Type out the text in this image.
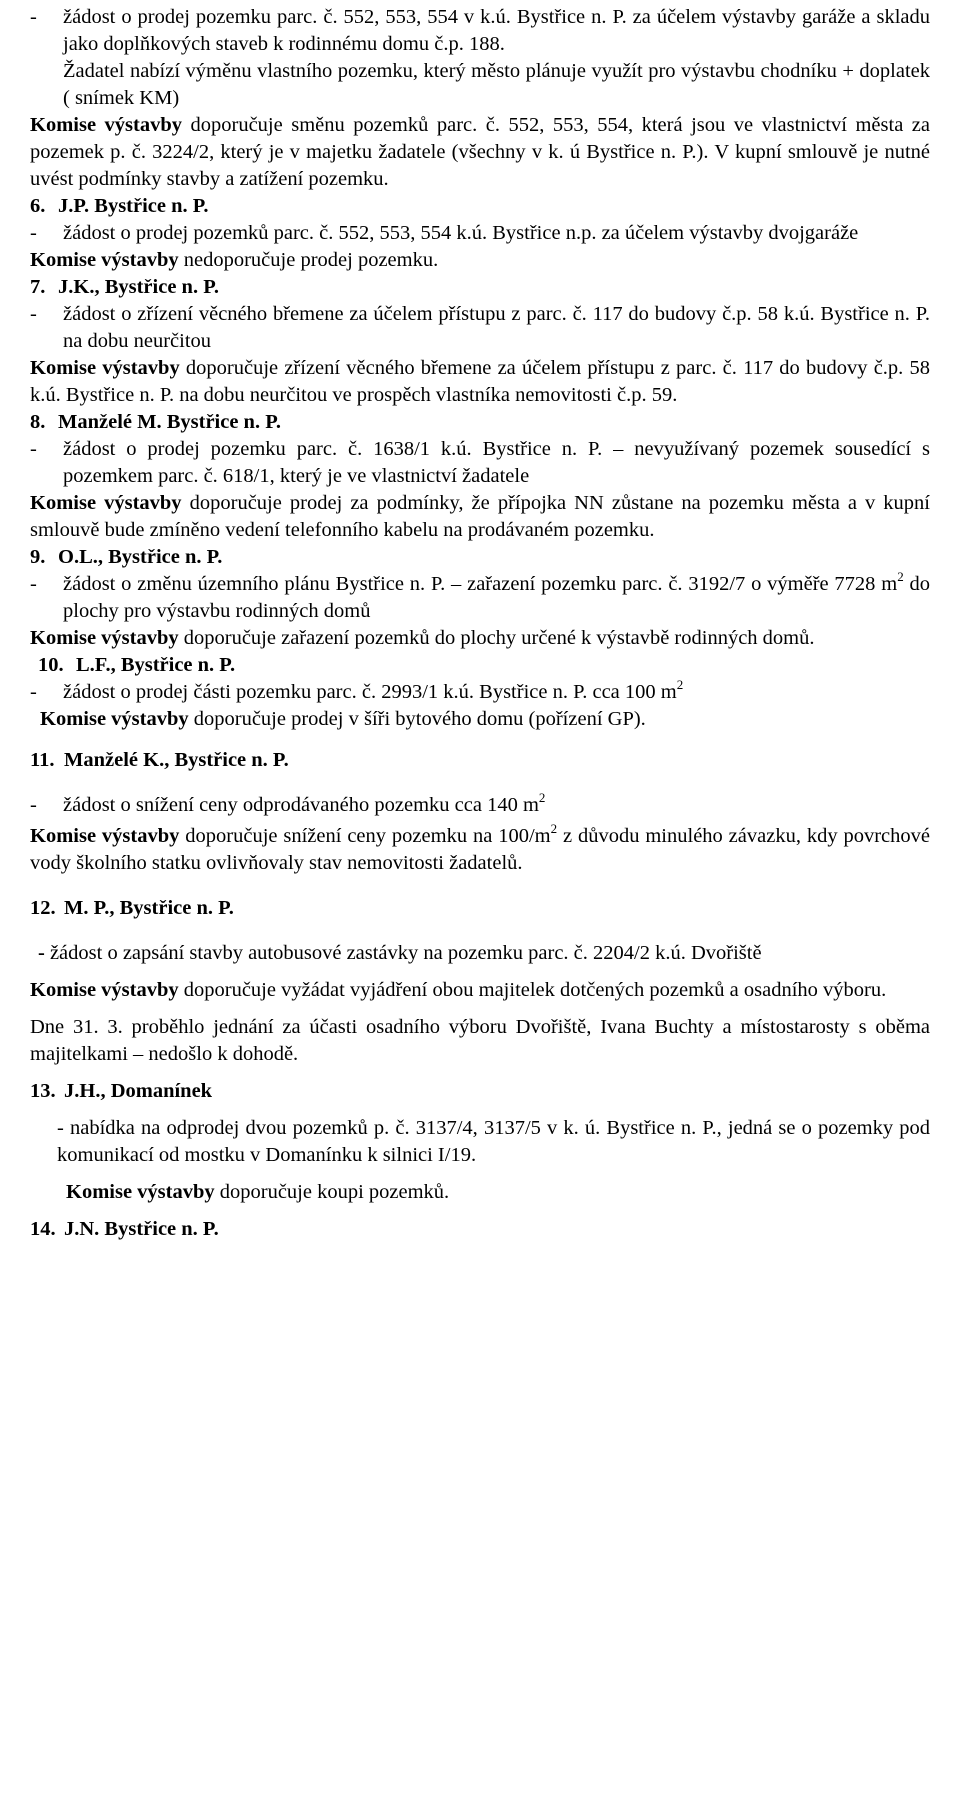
- žádost o prodej pozemku parc. č. 552, 553, 554 v k.ú. Bystřice n. P. za účelem výstavby garáže a skladu jako doplňkových staveb k rodinnému domu č.p. 188.
Žadatel nabízí výměnu vlastního pozemku, který město plánuje využít pro výstavbu chodníku + doplatek ( snímek KM)
Komise výstavby doporučuje směnu pozemků parc. č. 552, 553, 554, která jsou ve vlastnictví města za pozemek p. č. 3224/2, který je v majetku žadatele (všechny v k. ú Bystřice n. P.). V kupní smlouvě je nutné uvést podmínky stavby a zatížení pozemku.
6. J.P. Bystřice n. P.
- žádost o prodej pozemků parc. č. 552, 553, 554 k.ú. Bystřice n.p. za účelem výstavby dvojgaráže
Komise výstavby nedoporučuje prodej pozemku.
7. J.K., Bystřice n. P.
- žádost o zřízení věcného břemene za účelem přístupu z parc. č. 117 do budovy č.p. 58 k.ú. Bystřice n. P. na dobu neurčitou
Komise výstavby doporučuje zřízení věcného břemene za účelem přístupu z parc. č. 117 do budovy č.p. 58 k.ú. Bystřice n. P. na dobu neurčitou ve prospěch vlastníka nemovitosti č.p. 59.
8. Manželé M. Bystřice n. P.
- žádost o prodej pozemku parc. č. 1638/1 k.ú. Bystřice n. P. – nevyužívaný pozemek sousedící s pozemkem parc. č. 618/1, který je ve vlastnictví žadatele
Komise výstavby doporučuje prodej za podmínky, že přípojka NN zůstane na pozemku města a v kupní smlouvě bude zmíněno vedení telefonního kabelu na prodávaném pozemku.
9. O.L., Bystřice n. P.
- žádost o změnu územního plánu Bystřice n. P. – zařazení pozemku parc. č. 3192/7 o výměře 7728 $m^2$ do plochy pro výstavbu rodinných domů
Komise výstavby doporučuje zařazení pozemků do plochy určené k výstavbě rodinných domů.
10. L.F., Bystřice n. P.
- žádost o prodej části pozemku parc. č. 2993/1 k.ú. Bystřice n. P. cca 100 $m^2$
Komise výstavby doporučuje prodej v šíři bytového domu (pořízení GP).
11. Manželé K., Bystřice n. P.
- žádost o snížení ceny odprodávaného pozemku cca 140 $m^2$
Komise výstavby doporučuje snížení ceny pozemku na $100/m^2$ z důvodu minulého závazku, kdy povrchové vody školního statku ovlivňovaly stav nemovitosti žadatelů.
12. M. P., Bystřice n. P.
- žádost o zapsání stavby autobusové zastávky na pozemku parc. č. 2204/2 k.ú. Dvořiště
Komise výstavby doporučuje vyžádat vyjádření obou majitelek dotčených pozemků a osadního výboru.
Dne 31. 3. proběhlo jednání za účasti osadního výboru Dvořiště, Ivana Buchty a místostarosty s oběma majitelkami – nedošlo k dohodě.
13. J.H., Domanínek
- nabídka na odprodej dvou pozemků p. č. 3137/4, 3137/5 v k. ú. Bystřice n. P., jedná se o pozemky pod komunikací od mostku v Domanínku k silnici I/19.
Komise výstavby doporučuje koupi pozemků.
14. J.N. Bystřice n. P.
